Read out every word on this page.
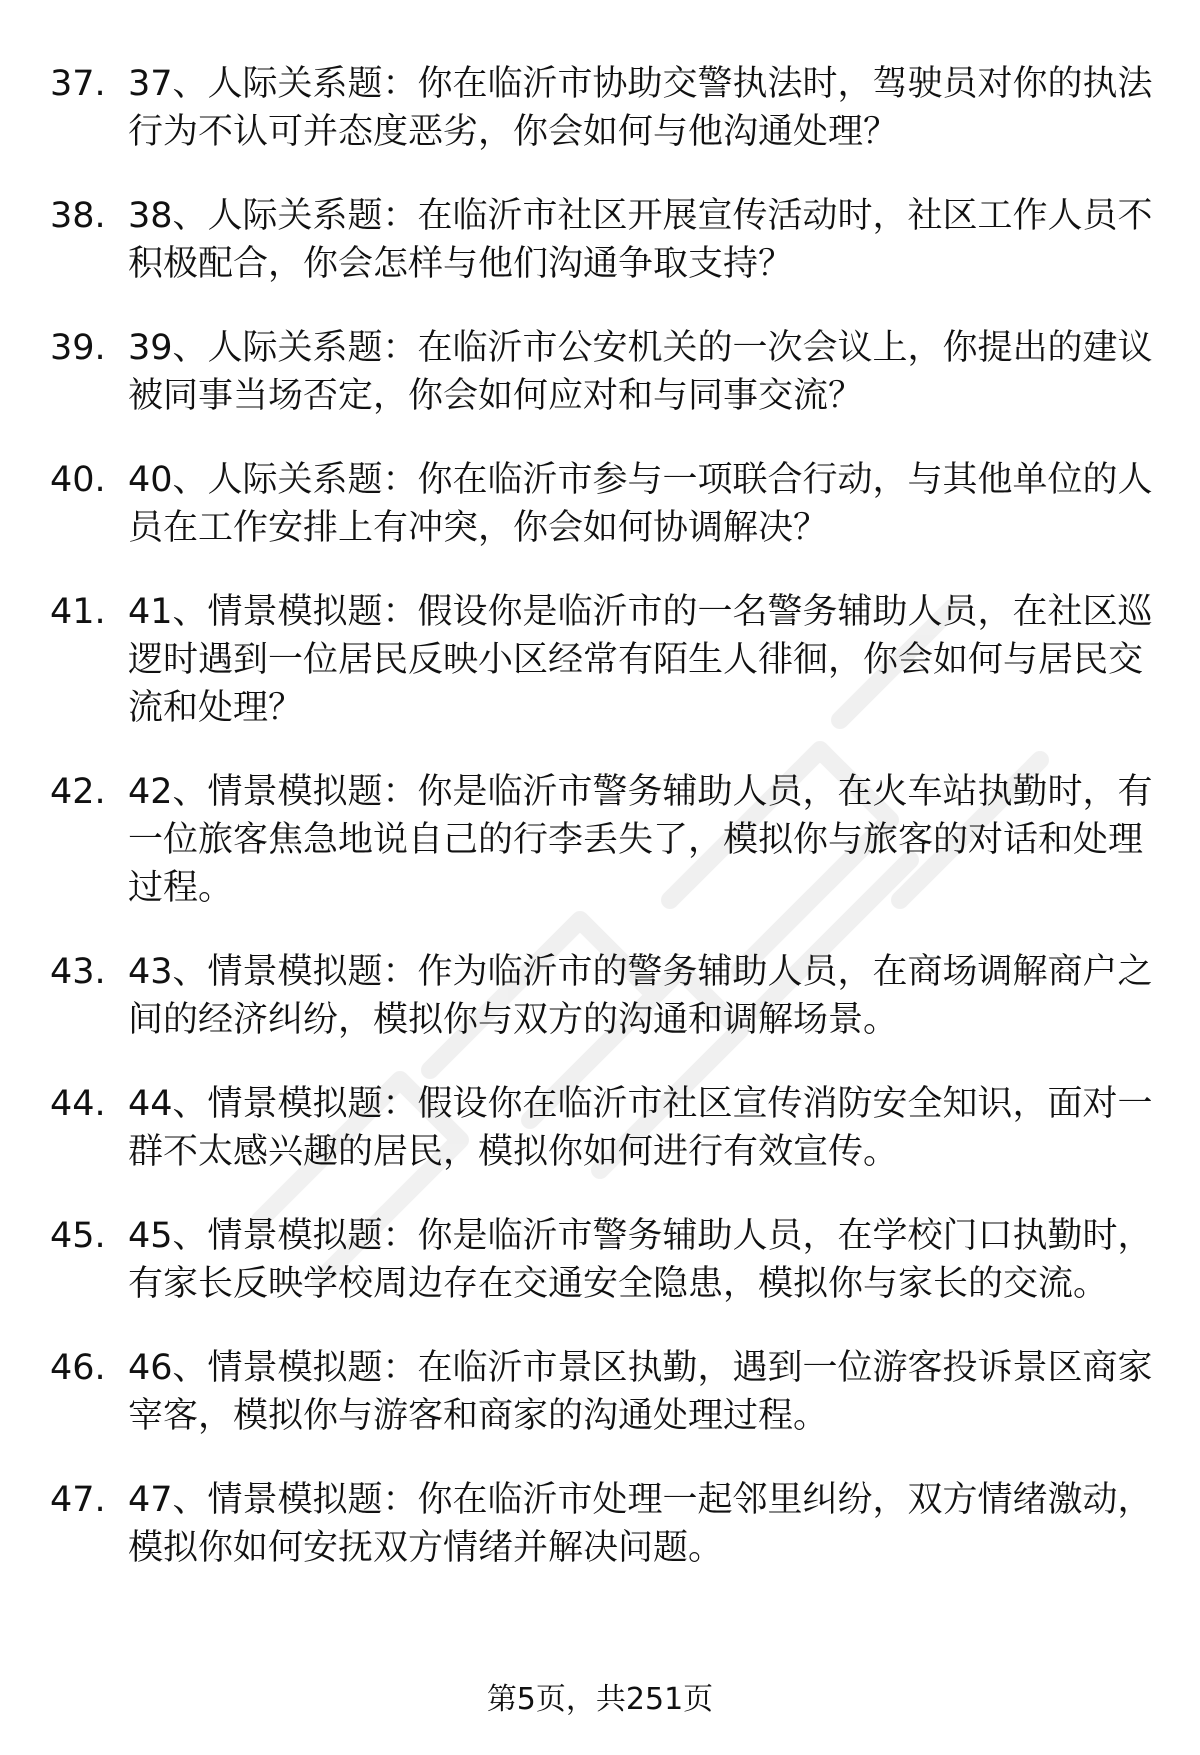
37. 37、人际关系题：你在临沂市协助交警执法时，驾驶员对你的执法行为不认可并态度恶劣，你会如何与他沟通处理？
38. 38、人际关系题：在临沂市社区开展宣传活动时，社区工作人员不积极配合，你会怎样与他们沟通争取支持？
39. 39、人际关系题：在临沂市公安机关的一次会议上，你提出的建议被同事当场否定，你会如何应对和与同事交流？
40. 40、人际关系题：你在临沂市参与一项联合行动，与其他单位的人员在工作安排上有冲突，你会如何协调解决？
41. 41、情景模拟题：假设你是临沂市的一名警务辅助人员，在社区巡逻时遇到一位居民反映小区经常有陌生人徘徊，你会如何与居民交流和处理？
42. 42、情景模拟题：你是临沂市警务辅助人员，在火车站执勤时，有一位旅客焦急地说自己的行李丢失了，模拟你与旅客的对话和处理过程。
43. 43、情景模拟题：作为临沂市的警务辅助人员，在商场调解商户之间的经济纠纷，模拟你与双方的沟通和调解场景。
44. 44、情景模拟题：假设你在临沂市社区宣传消防安全知识，面对一群不太感兴趣的居民，模拟你如何进行有效宣传。
45. 45、情景模拟题：你是临沂市警务辅助人员，在学校门口执勤时，有家长反映学校周边存在交通安全隐患，模拟你与家长的交流。
46. 46、情景模拟题：在临沂市景区执勤，遇到一位游客投诉景区商家宰客，模拟你与游客和商家的沟通处理过程。
47. 47、情景模拟题：你在临沂市处理一起邻里纠纷，双方情绪激动，模拟你如何安抚双方情绪并解决问题。
第5页，共251页
